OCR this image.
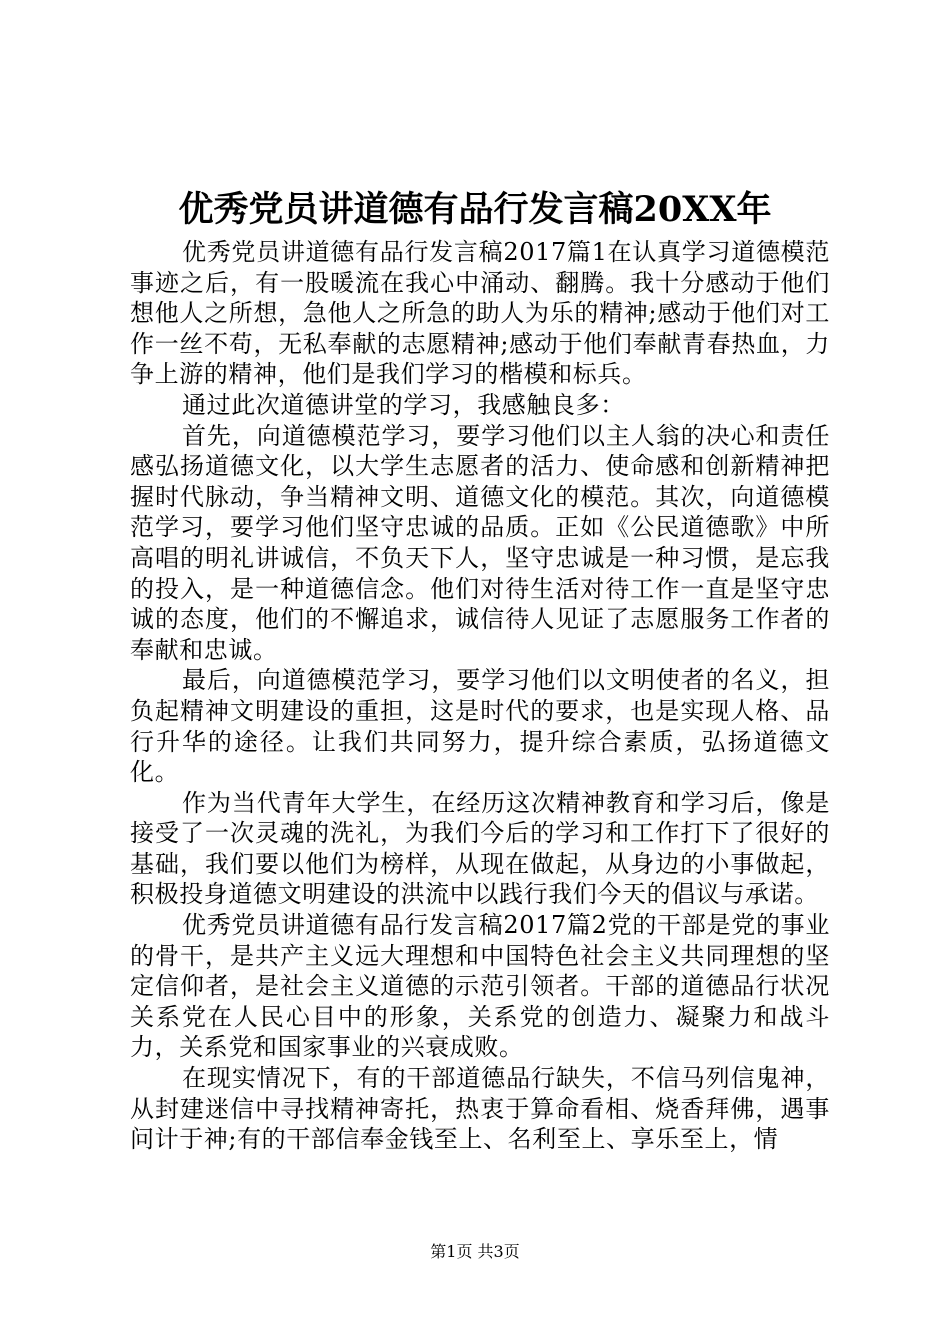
优秀党员讲道德有品行发言稿20XX年

优秀党员讲道德有品行发言稿2017篇1在认真学习道德模范事迹之后，有一股暖流在我心中涌动、翻腾。我十分感动于他们想他人之所想，急他人之所急的助人为乐的精神;感动于他们对工作一丝不苟，无私奉献的志愿精神;感动于他们奉献青春热血，力争上游的精神，他们是我们学习的楷模和标兵。

通过此次道德讲堂的学习，我感触良多：

首先，向道德模范学习，要学习他们以主人翁的决心和责任感弘扬道德文化，以大学生志愿者的活力、使命感和创新精神把握时代脉动，争当精神文明、道德文化的模范。其次，向道德模范学习，要学习他们坚守忠诚的品质。正如《公民道德歌》中所高唱的明礼讲诚信，不负天下人，坚守忠诚是一种习惯，是忘我的投入，是一种道德信念。他们对待生活对待工作一直是坚守忠诚的态度，他们的不懈追求，诚信待人见证了志愿服务工作者的奉献和忠诚。

最后，向道德模范学习，要学习他们以文明使者的名义，担负起精神文明建设的重担，这是时代的要求，也是实现人格、品行升华的途径。让我们共同努力，提升综合素质，弘扬道德文化。

作为当代青年大学生，在经历这次精神教育和学习后，像是接受了一次灵魂的洗礼，为我们今后的学习和工作打下了很好的基础，我们要以他们为榜样，从现在做起，从身边的小事做起，积极投身道德文明建设的洪流中以践行我们今天的倡议与承诺。

优秀党员讲道德有品行发言稿2017篇2党的干部是党的事业的骨干，是共产主义远大理想和中国特色社会主义共同理想的坚定信仰者，是社会主义道德的示范引领者。干部的道德品行状况关系党在人民心目中的形象，关系党的创造力、凝聚力和战斗力，关系党和国家事业的兴衰成败。

在现实情况下，有的干部道德品行缺失，不信马列信鬼神，从封建迷信中寻找精神寄托，热衷于算命看相、烧香拜佛，遇事问计于神;有的干部信奉金钱至上、名利至上、享乐至上，情

第1页 共3页
